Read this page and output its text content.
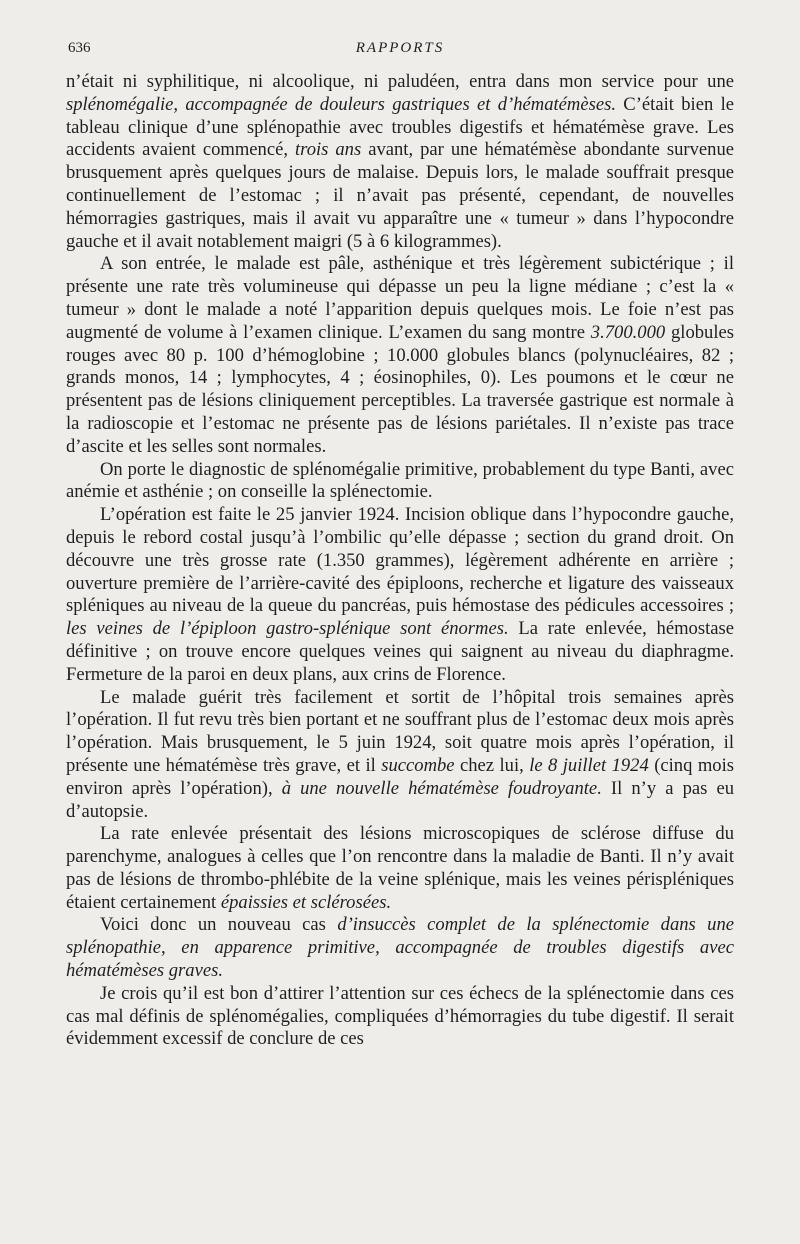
636	RAPPORTS

n’était ni syphilitique, ni alcoolique, ni paludéen, entra dans mon service pour une splénomégalie, accompagnée de douleurs gastriques et d’hématémèses. C’était bien le tableau clinique d’une splénopathie avec troubles digestifs et hématémèse grave. Les accidents avaient commencé, trois ans avant, par une hématémèse abondante survenue brusquement après quelques jours de malaise. Depuis lors, le malade souffrait presque continuellement de l’estomac ; il n’avait pas présenté, cependant, de nouvelles hémorragies gastriques, mais il avait vu apparaître une « tumeur » dans l’hypocondre gauche et il avait notablement maigri (5 à 6 kilogrammes).

A son entrée, le malade est pâle, asthénique et très légèrement subictérique ; il présente une rate très volumineuse qui dépasse un peu la ligne médiane ; c’est la « tumeur » dont le malade a noté l’apparition depuis quelques mois. Le foie n’est pas augmenté de volume à l’examen clinique. L’examen du sang montre 3.700.000 globules rouges avec 80 p. 100 d’hémoglobine ; 10.000 globules blancs (polynucléaires, 82 ; grands monos, 14 ; lymphocytes, 4 ; éosinophiles, 0). Les poumons et le cœur ne présentent pas de lésions cliniquement perceptibles. La traversée gastrique est normale à la radioscopie et l’estomac ne présente pas de lésions pariétales. Il n’existe pas trace d’ascite et les selles sont normales.

On porte le diagnostic de splénomégalie primitive, probablement du type Banti, avec anémie et asthénie ; on conseille la splénectomie.

L’opération est faite le 25 janvier 1924. Incision oblique dans l’hypocondre gauche, depuis le rebord costal jusqu’à l’ombilic qu’elle dépasse ; section du grand droit. On découvre une très grosse rate (1.350 grammes), légèrement adhérente en arrière ; ouverture première de l’arrière-cavité des épiploons, recherche et ligature des vaisseaux spléniques au niveau de la queue du pancréas, puis hémostase des pédicules accessoires ; les veines de l’épiploon gastro-splénique sont énormes. La rate enlevée, hémostase définitive ; on trouve encore quelques veines qui saignent au niveau du diaphragme. Fermeture de la paroi en deux plans, aux crins de Florence.

Le malade guérit très facilement et sortit de l’hôpital trois semaines après l’opération. Il fut revu très bien portant et ne souffrant plus de l’estomac deux mois après l’opération. Mais brusquement, le 5 juin 1924, soit quatre mois après l’opération, il présente une hématémèse très grave, et il succombe chez lui, le 8 juillet 1924 (cinq mois environ après l’opération), à une nouvelle hématémèse foudroyante. Il n’y a pas eu d’autopsie.

La rate enlevée présentait des lésions microscopiques de sclérose diffuse du parenchyme, analogues à celles que l’on rencontre dans la maladie de Banti. Il n’y avait pas de lésions de thrombo-phlébite de la veine splénique, mais les veines périspléniques étaient certainement épaissies et sclérosées.

Voici donc un nouveau cas d’insuccès complet de la splénectomie dans une splénopathie, en apparence primitive, accompagnée de troubles digestifs avec hématémèses graves.

Je crois qu’il est bon d’attirer l’attention sur ces échecs de la splénectomie dans ces cas mal définis de splénomégalies, compliquées d’hémorragies du tube digestif. Il serait évidemment excessif de conclure de ces
